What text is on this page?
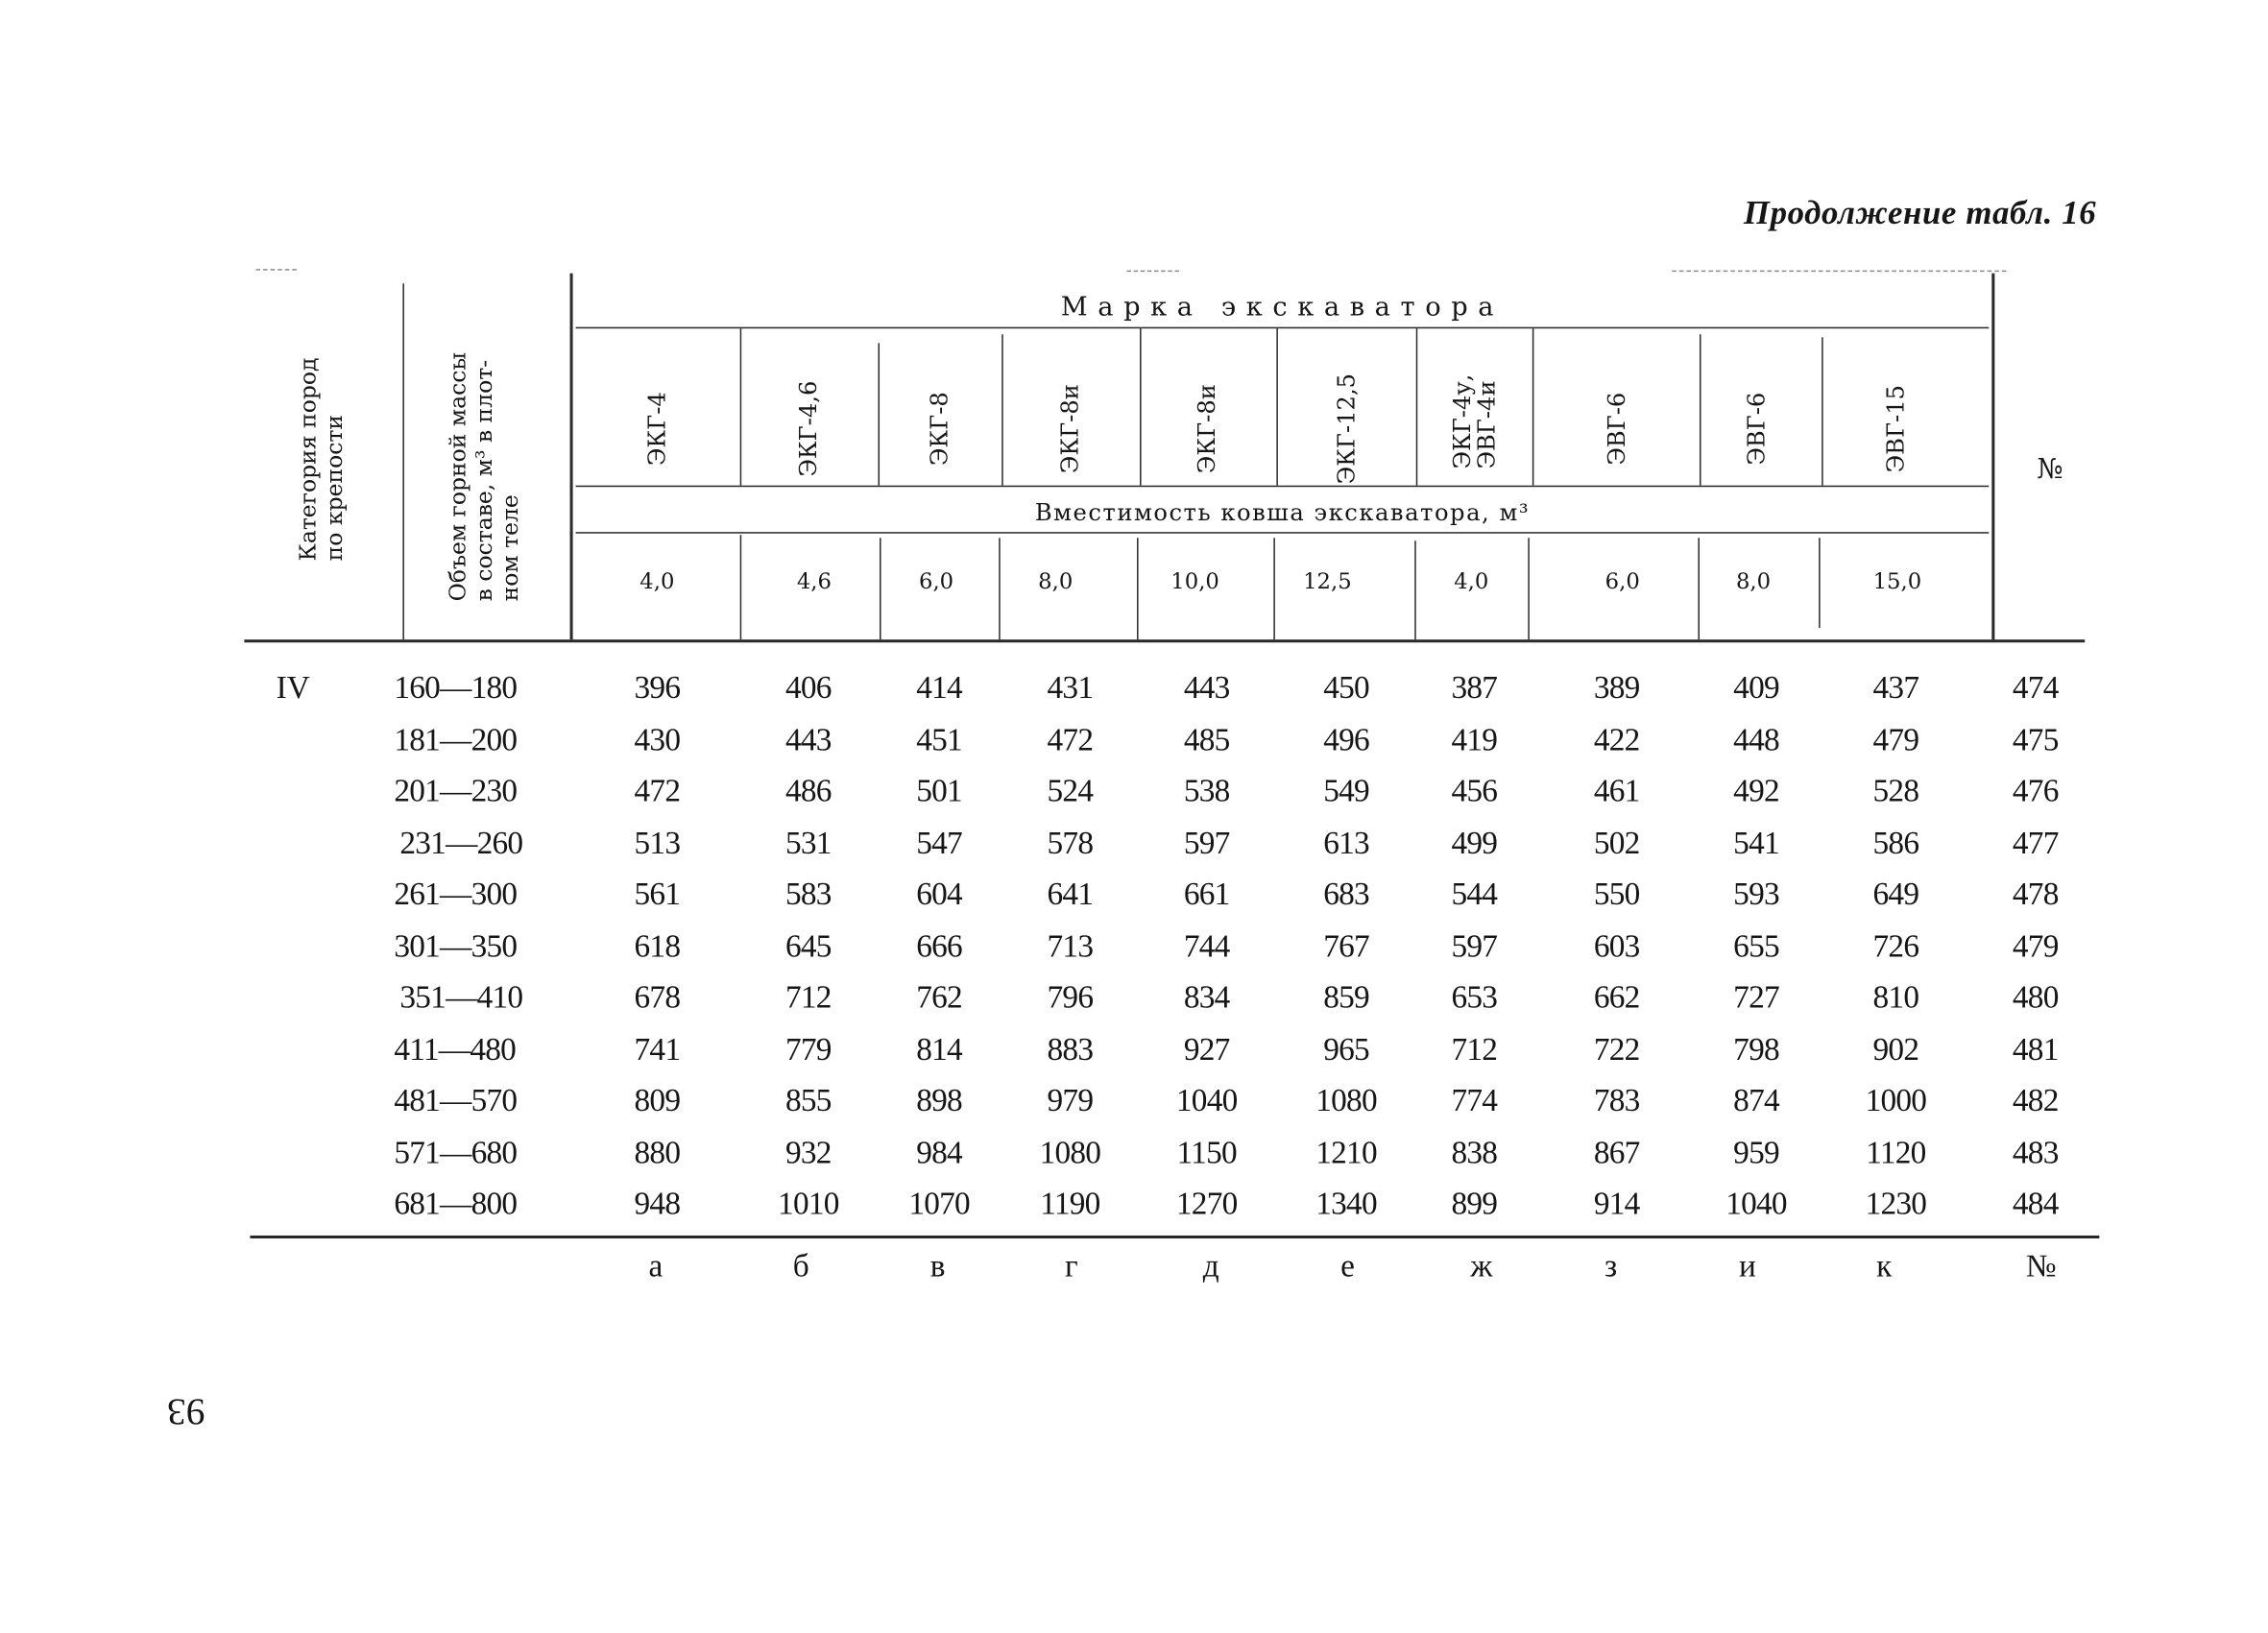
Продолжение табл. 16
Категория пород по крепости	Объем горной массы в составе, м³ в плот- ном теле
Марка экскаватора
Вместимость ковша экскаватора, м³
№
ЭКГ-4	ЭКГ-4,6	ЭКГ-8	ЭКГ-8и	ЭКГ-8и	ЭКГ-12,5	ЭКГ-4у,
ЭВГ-4и	ЭВГ-6	ЭВГ-6	ЭВГ-15
4,0	4,6	6,0	8,0	10,0	12,5	4,0	6,0	8,0	15,0
IV	160—180	396	406	414	431	443	450	387	389	409	437	474
181—200	430	443	451	472	485	496	419	422	448	479	475
201—230	472	486	501	524	538	549	456	461	492	528	476
231—260	513	531	547	578	597	613	499	502	541	586	477
261—300	561	583	604	641	661	683	544	550	593	649	478
301—350	618	645	666	713	744	767	597	603	655	726	479
351—410	678	712	762	796	834	859	653	662	727	810	480
411—480	741	779	814	883	927	965	712	722	798	902	481
481—570	809	855	898	979	1040	1080	774	783	874	1000	482
571—680	880	932	984	1080	1150	1210	838	867	959	1120	483
681—800	948	1010	1070	1190	1270	1340	899	914	1040	1230	484
а	б	в	г	д	е	ж	з	и	к	№
93
